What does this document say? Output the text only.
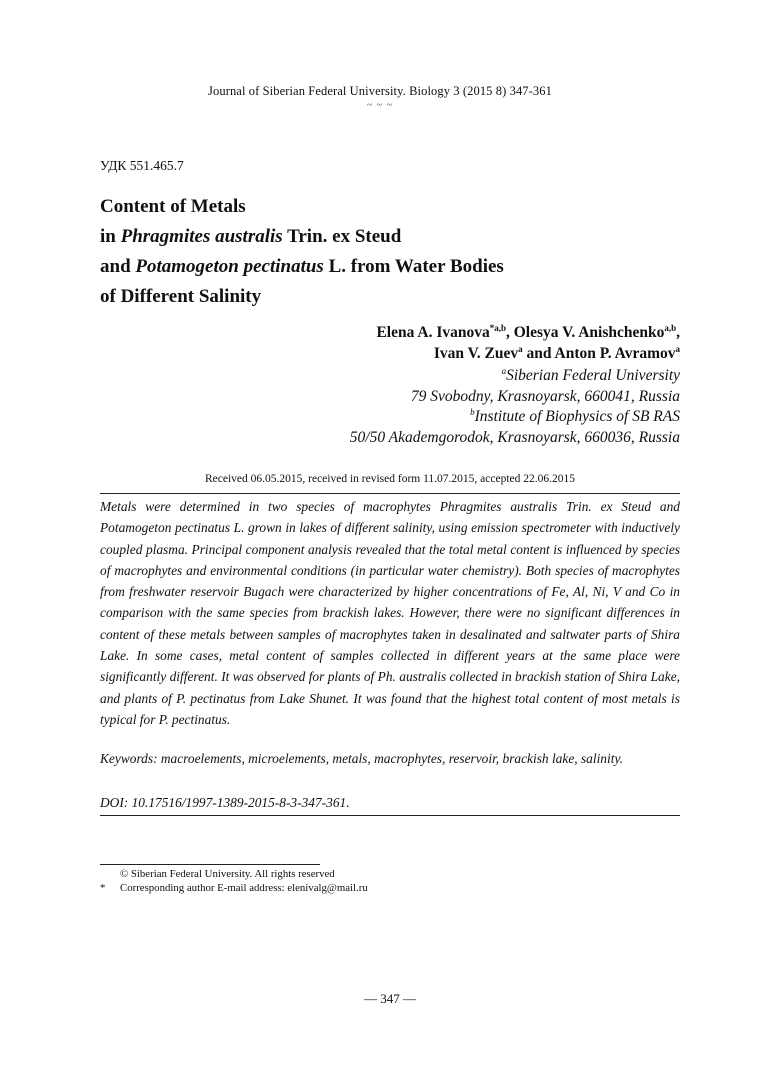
Journal of Siberian Federal University. Biology 3 (2015 8) 347-361
~ ~ ~
УДК 551.465.7
Content of Metals
in Phragmites australis Trin. ex Steud
and Potamogeton pectinatus L. from Water Bodies
of Different Salinity
Elena A. Ivanova$^{*a,b}$, Olesya V. Anishchenko$^{a,b}$,
Ivan V. Zuev$^a$ and Anton P. Avramov$^a$
$^a$Siberian Federal University
79 Svobodny, Krasnoyarsk, 660041, Russia
$^b$Institute of Biophysics of SB RAS
50/50 Akademgorodok, Krasnoyarsk, 660036, Russia
Received 06.05.2015, received in revised form 11.07.2015, accepted 22.06.2015

Metals were determined in two species of macrophytes Phragmites australis Trin. ex Steud and Potamogeton pectinatus L. grown in lakes of different salinity, using emission spectrometer with inductively coupled plasma. Principal component analysis revealed that the total metal content is influenced by species of macrophytes and environmental conditions (in particular water chemistry). Both species of macrophytes from freshwater reservoir Bugach were characterized by higher concentrations of Fe, Al, Ni, V and Co in comparison with the same species from brackish lakes. However, there were no significant differences in content of these metals between samples of macrophytes taken in desalinated and saltwater parts of Shira Lake. In some cases, metal content of samples collected in different years at the same place were significantly different. It was observed for plants of Ph. australis collected in brackish station of Shira Lake, and plants of P. pectinatus from Lake Shunet. It was found that the highest total content of most metals is typical for P. pectinatus.

Keywords: macroelements, microelements, metals, macrophytes, reservoir, brackish lake, salinity.
DOI: 10.17516/1997-1389-2015-8-3-347-361.
© Siberian Federal University. All rights reserved
* Corresponding author E-mail address: elenivalg@mail.ru
— 347 —
